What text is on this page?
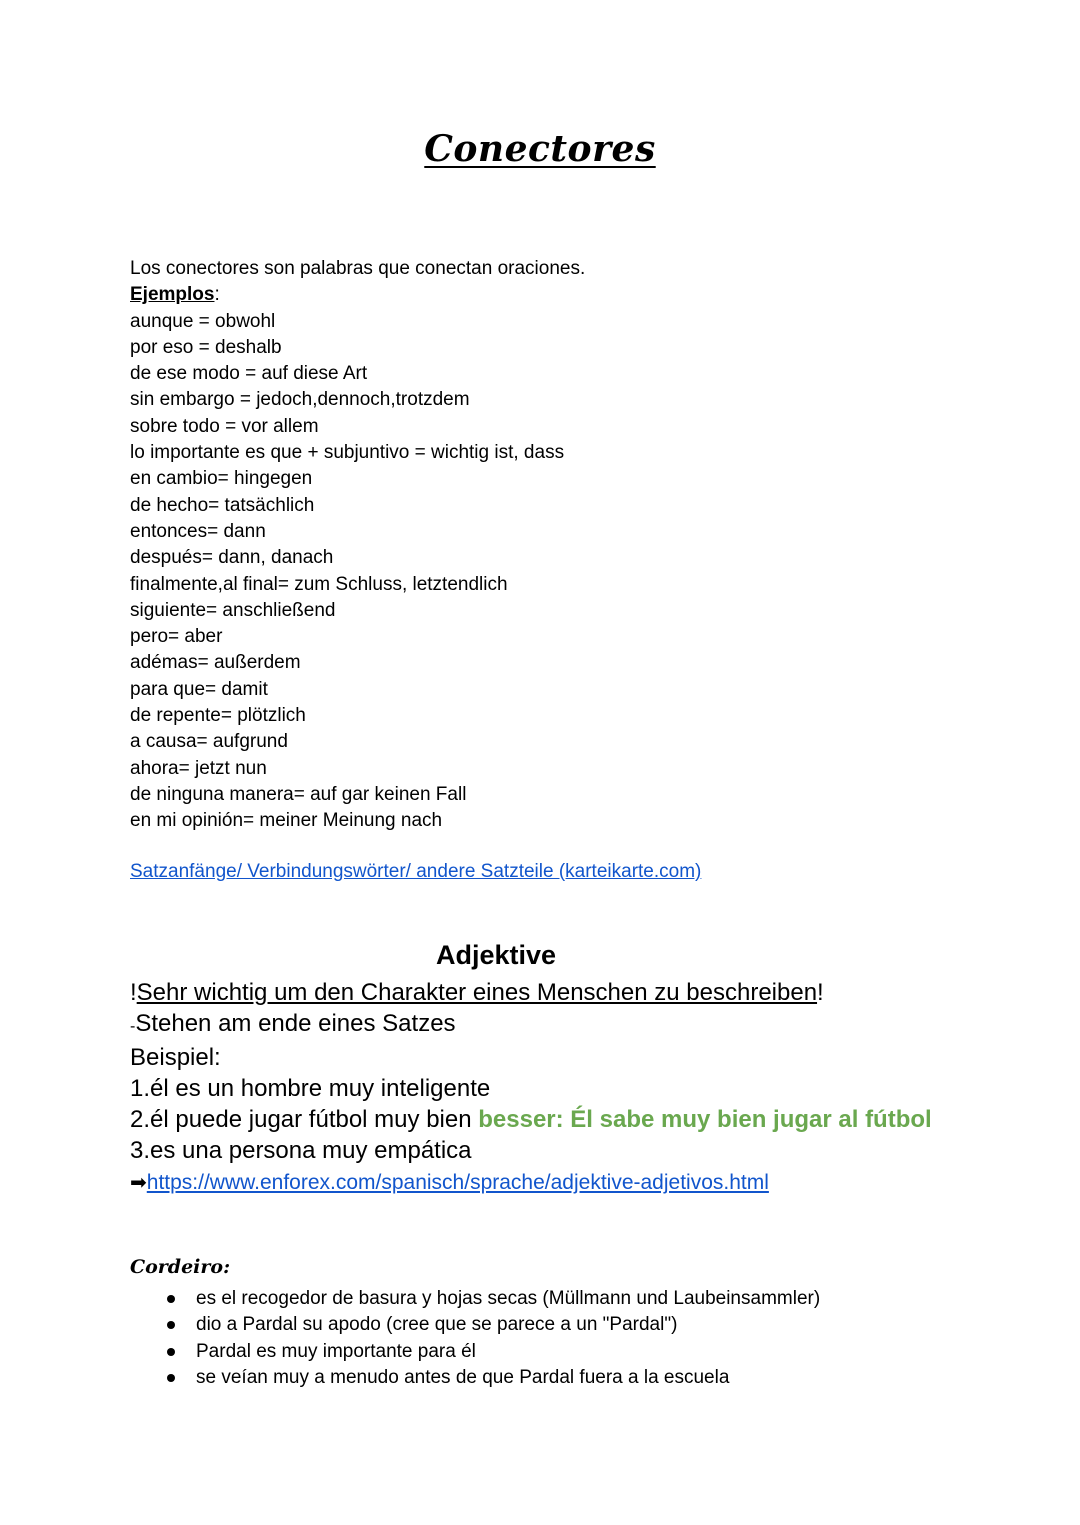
Conectores
Los conectores son palabras que conectan oraciones.
Ejemplos:
aunque = obwohl
por eso = deshalb
de ese modo = auf diese Art
sin embargo = jedoch,dennoch,trotzdem
sobre todo = vor allem
lo importante es que + subjuntivo = wichtig ist, dass
en cambio= hingegen
de hecho= tatsächlich
entonces= dann
después= dann, danach
finalmente,al final= zum Schluss, letztendlich
siguiente= anschließend
pero= aber
adémas= außerdem
para que= damit
de repente= plötzlich
a causa= aufgrund
ahora= jetzt nun
de ninguna manera= auf gar keinen Fall
en mi opinión= meiner Meinung nach
Satzanfänge/ Verbindungswörter/ andere Satzteile (karteikarte.com)
Adjektive
!Sehr wichtig um den Charakter eines Menschen zu beschreiben!
-Stehen am ende eines Satzes
Beispiel:
1.él es un hombre muy inteligente
2.él puede jugar fútbol muy bien besser: Él sabe muy bien jugar al fútbol
3.es una persona muy empática
➡https://www.enforex.com/spanisch/sprache/adjektive-adjetivos.html
Cordeiro:
es el recogedor de basura y hojas secas (Müllmann und Laubeinsammler)
dio a Pardal su apodo (cree que se parece a un "Pardal")
Pardal es muy importante para él
se veían muy a menudo antes de que Pardal fuera a la escuela
